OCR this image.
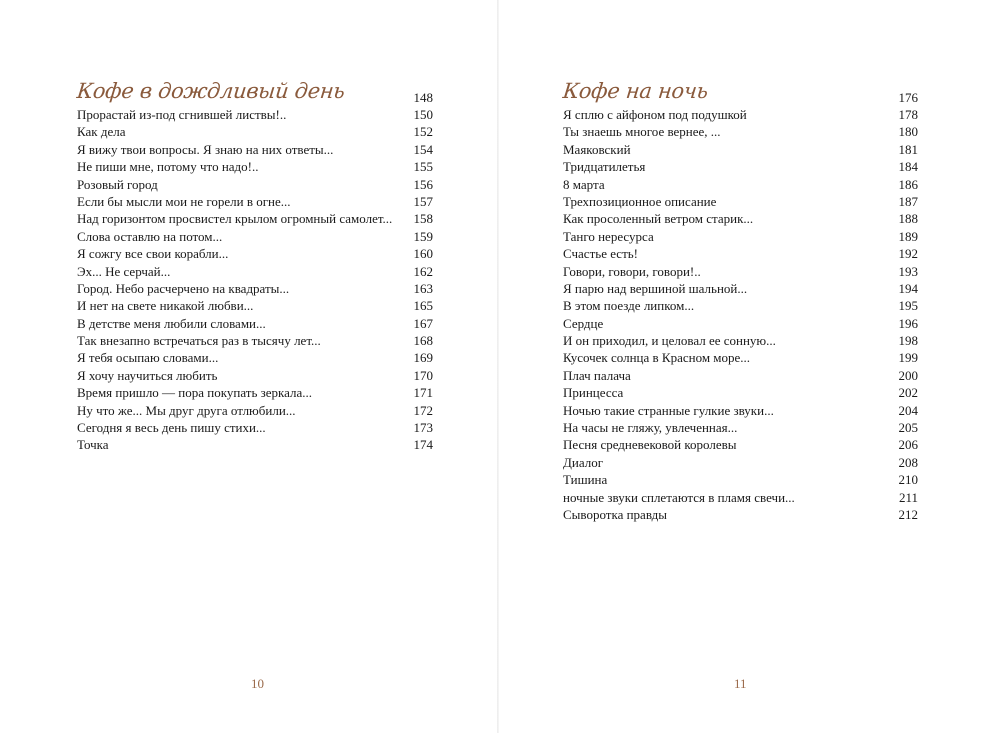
Кофе в дождливый день	148
Прорастай из-под сгнившей листвы!..	150
Как дела	152
Я вижу твои вопросы. Я знаю на них ответы...	154
Не пиши мне, потому что надо!..	155
Розовый город	156
Если бы мысли мои не горели в огне...	157
Над горизонтом просвистел крылом огромный самолет... 158
Слова оставлю на потом...	159
Я сожгу все свои корабли...	160
Эх... Не серчай...	162
Город. Небо расчерчено на квадраты...	163
И нет на свете никакой любви...	165
В детстве меня любили словами...	167
Так внезапно встречаться раз в тысячу лет...	168
Я тебя осыпаю словами...	169
Я хочу научиться любить	170
Время пришло — пора покупать зеркала...	171
Ну что же... Мы друг друга отлюбили...	172
Сегодня я весь день пишу стихи...	173
Точка	174
10
Кофе на ночь	176
Я сплю с айфоном под подушкой	178
Ты знаешь многое вернее, ...	180
Маяковский	181
Тридцатилетья	184
8 марта	186
Трехпозиционное описание	187
Как просоленный ветром старик...	188
Танго нересурса	189
Счастье есть!	192
Говори, говори, говори!..	193
Я парю над вершиной шальной...	194
В этом поезде липком...	195
Сердце	196
И он приходил, и целовал ее сонную...	198
Кусочек солнца в Красном море...	199
Плач палача	200
Принцесса	202
Ночью такие странные гулкие звуки...	204
На часы не гляжу, увлеченная...	205
Песня средневековой королевы	206
Диалог	208
Тишина	210
ночные звуки сплетаются в пламя свечи...	211
Сыворотка правды	212
11
